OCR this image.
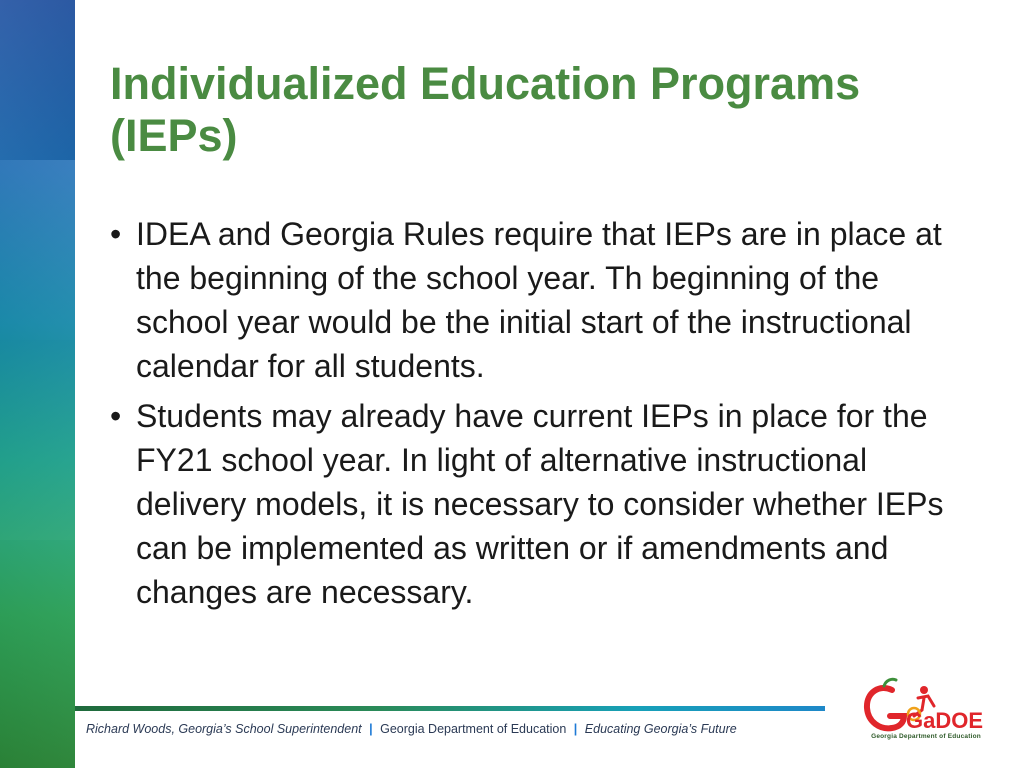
Individualized Education Programs (IEPs)
• IDEA and Georgia Rules require that IEPs are in place at the beginning of the school year. Th beginning of the school year would be the initial start of the instructional calendar for all students.
• Students may already have current IEPs in place for the FY21 school year. In light of alternative instructional delivery models, it is necessary to consider whether IEPs can be implemented as written or if amendments and changes are necessary.
Richard Woods, Georgia’s School Superintendent | Georgia Department of Education | Educating Georgia’s Future	GaDOE
Georgia Department of Education
